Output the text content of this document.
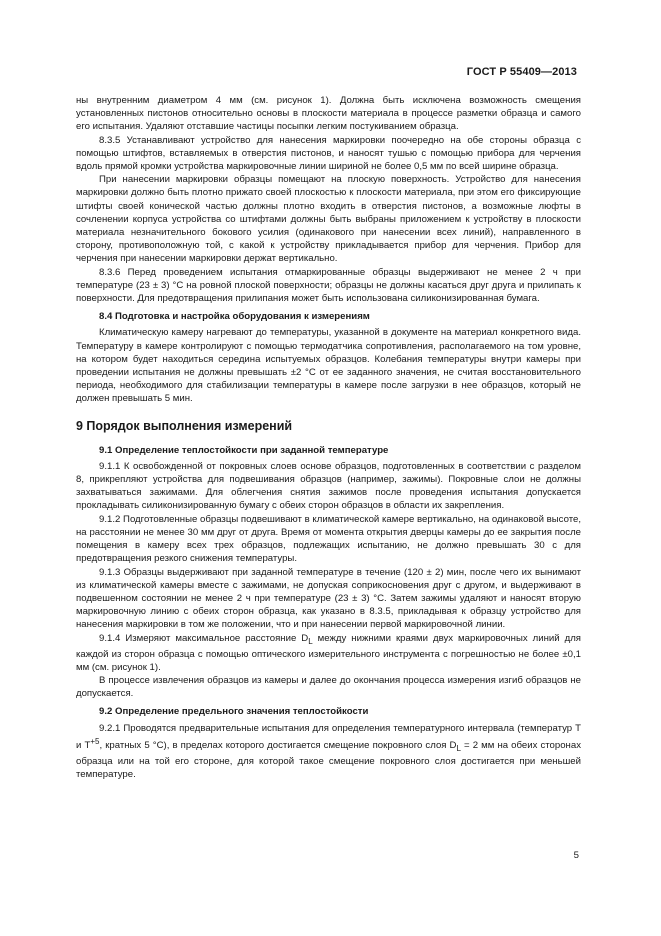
ГОСТ Р 55409—2013

ны внутренним диаметром 4 мм (см. рисунок 1). Должна быть исключена возможность смещения установленных пистонов относительно основы в плоскости материала в процессе разметки образца и самого его испытания. Удаляют отставшие частицы посыпки легким постукиванием образца.

8.3.5 Устанавливают устройство для нанесения маркировки поочередно на обе стороны образца с помощью штифтов, вставляемых в отверстия пистонов, и наносят тушью с помощью прибора для черчения вдоль прямой кромки устройства маркировочные линии шириной не более 0,5 мм по всей ширине образца.

При нанесении маркировки образцы помещают на плоскую поверхность. Устройство для нанесения маркировки должно быть плотно прижато своей плоскостью к плоскости материала, при этом его фиксирующие штифты своей конической частью должны плотно входить в отверстия пистонов, а возможные люфты в сочленении корпуса устройства со штифтами должны быть выбраны приложением к устройству в плоскости материала незначительного бокового усилия (одинакового при нанесении всех линий), направленного в сторону, противоположную той, с какой к устройству прикладывается прибор для черчения. Прибор для черчения при нанесении маркировки держат вертикально.

8.3.6 Перед проведением испытания отмаркированные образцы выдерживают не менее 2 ч при температуре (23 ± 3) °С на ровной плоской поверхности; образцы не должны касаться друг друга и прилипать к поверхности. Для предотвращения прилипания может быть использована силиконизированная бумага.

8.4 Подготовка и настройка оборудования к измерениям

Климатическую камеру нагревают до температуры, указанной в документе на материал конкретного вида. Температуру в камере контролируют с помощью термодатчика сопротивления, располагаемого на том уровне, на котором будет находиться середина испытуемых образцов. Колебания температуры внутри камеры при проведении испытания не должны превышать ±2 °С от ее заданного значения, не считая восстановительного периода, необходимого для стабилизации температуры в камере после загрузки в нее образцов, который не должен превышать 5 мин.

9 Порядок выполнения измерений

9.1 Определение теплостойкости при заданной температуре

9.1.1 К освобожденной от покровных слоев основе образцов, подготовленных в соответствии с разделом 8, прикрепляют устройства для подвешивания образцов (например, зажимы). Покровные слои не должны захватываться зажимами. Для облегчения снятия зажимов после проведения испытания допускается прокладывать силиконизированную бумагу с обеих сторон образцов в области их закрепления.

9.1.2 Подготовленные образцы подвешивают в климатической камере вертикально, на одинаковой высоте, на расстоянии не менее 30 мм друг от друга. Время от момента открытия дверцы камеры до ее закрытия после помещения в камеру всех трех образцов, подлежащих испытанию, не должно превышать 30 с для предотвращения резкого снижения температуры.

9.1.3 Образцы выдерживают при заданной температуре в течение (120 ± 2) мин, после чего их вынимают из климатической камеры вместе с зажимами, не допуская соприкосновения друг с другом, и выдерживают в подвешенном состоянии не менее 2 ч при температуре (23 ± 3) °С. Затем зажимы удаляют и наносят вторую маркировочную линию с обеих сторон образца, как указано в 8.3.5, прикладывая к образцу устройство для нанесения маркировки в том же положении, что и при нанесении первой маркировочной линии.

9.1.4 Измеряют максимальное расстояние $D_L$ между нижними краями двух маркировочных линий для каждой из сторон образца с помощью оптического измерительного инструмента с погрешностью не более ±0,1 мм (см. рисунок 1).

В процессе извлечения образцов из камеры и далее до окончания процесса измерения изгиб образцов не допускается.

9.2 Определение предельного значения теплостойкости

9.2.1 Проводятся предварительные испытания для определения температурного интервала (температур Т и $Т^{+5}$, кратных 5 °С), в пределах которого достигается смещение покровного слоя $D_L = 2$ мм на обеих сторонах образца или на той его стороне, для которой такое смещение покровного слоя достигается при меньшей температуре.

5
